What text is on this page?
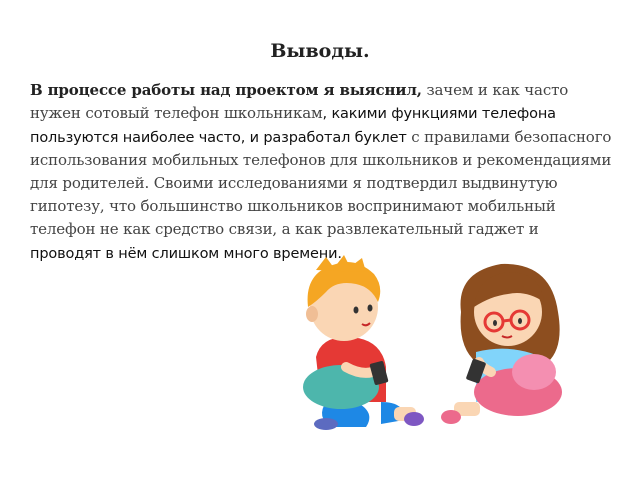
Выводы.
В процессе работы над проектом я выяснил, зачем и как часто нужен сотовый телефон школьникам, какими функциями телефона пользуются наиболее часто, и разработал буклет с правилами безопасного использования мобильных телефонов для школьников и рекомендациями для родителей. Своими исследованиями я подтвердил выдвинутую гипотезу, что большинство школьников воспринимают мобильный телефон не как средство связи, а как развлекательный гаджет и проводят в нём слишком много времени.
